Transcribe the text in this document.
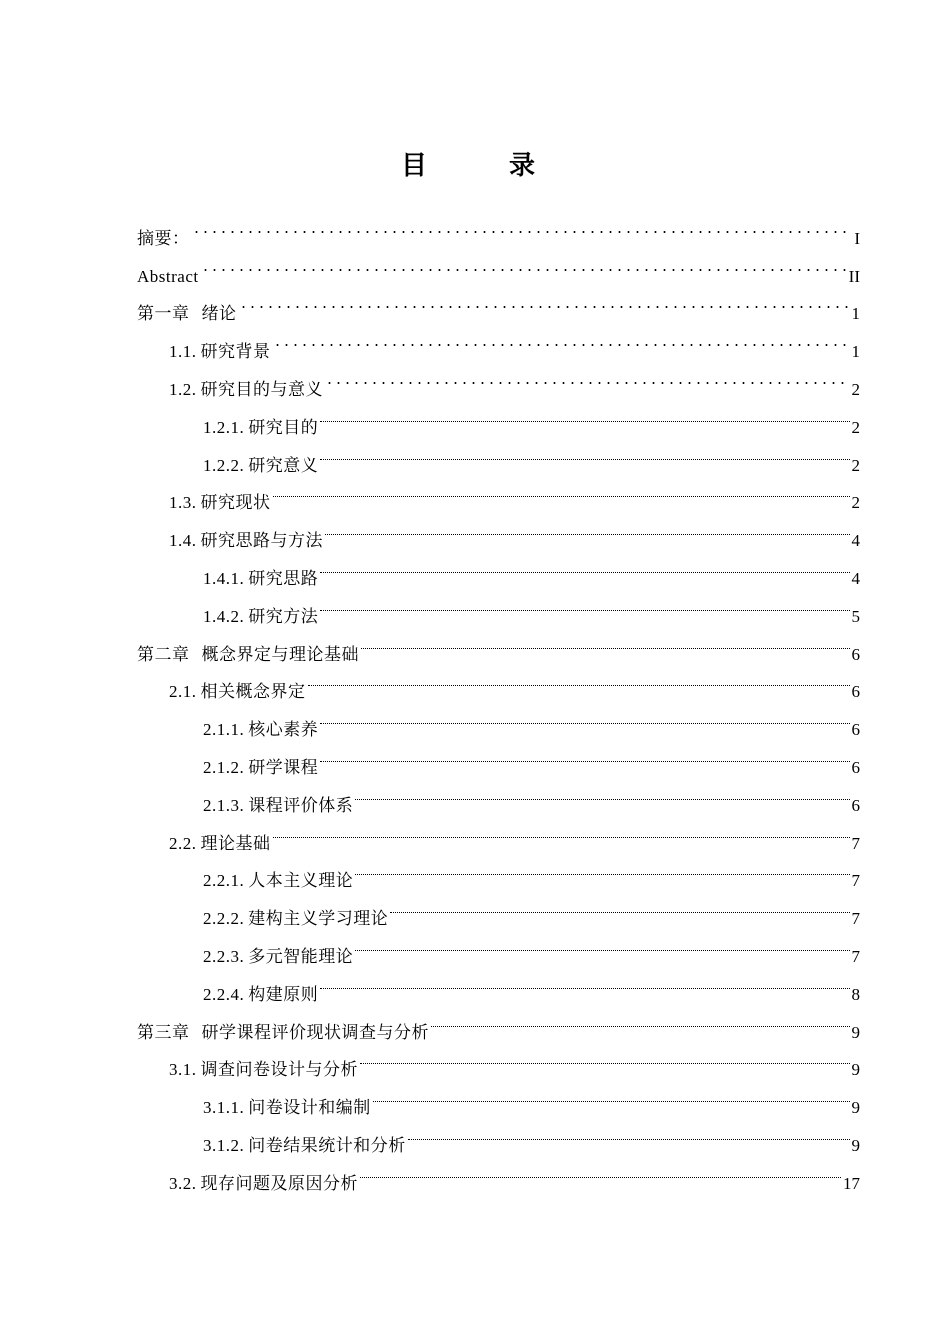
目　录
摘要：	I
Abstract	II
第一章 绪论	1
1.1. 研究背景	1
1.2. 研究目的与意义	2
1.2.1. 研究目的	2
1.2.2. 研究意义	2
1.3. 研究现状	2
1.4. 研究思路与方法	4
1.4.1. 研究思路	4
1.4.2. 研究方法	5
第二章 概念界定与理论基础	6
2.1. 相关概念界定	6
2.1.1. 核心素养	6
2.1.2. 研学课程	6
2.1.3. 课程评价体系	6
2.2. 理论基础	7
2.2.1. 人本主义理论	7
2.2.2. 建构主义学习理论	7
2.2.3. 多元智能理论	7
2.2.4. 构建原则	8
第三章 研学课程评价现状调查与分析	9
3.1. 调查问卷设计与分析	9
3.1.1. 问卷设计和编制	9
3.1.2. 问卷结果统计和分析	9
3.2. 现存问题及原因分析	17
